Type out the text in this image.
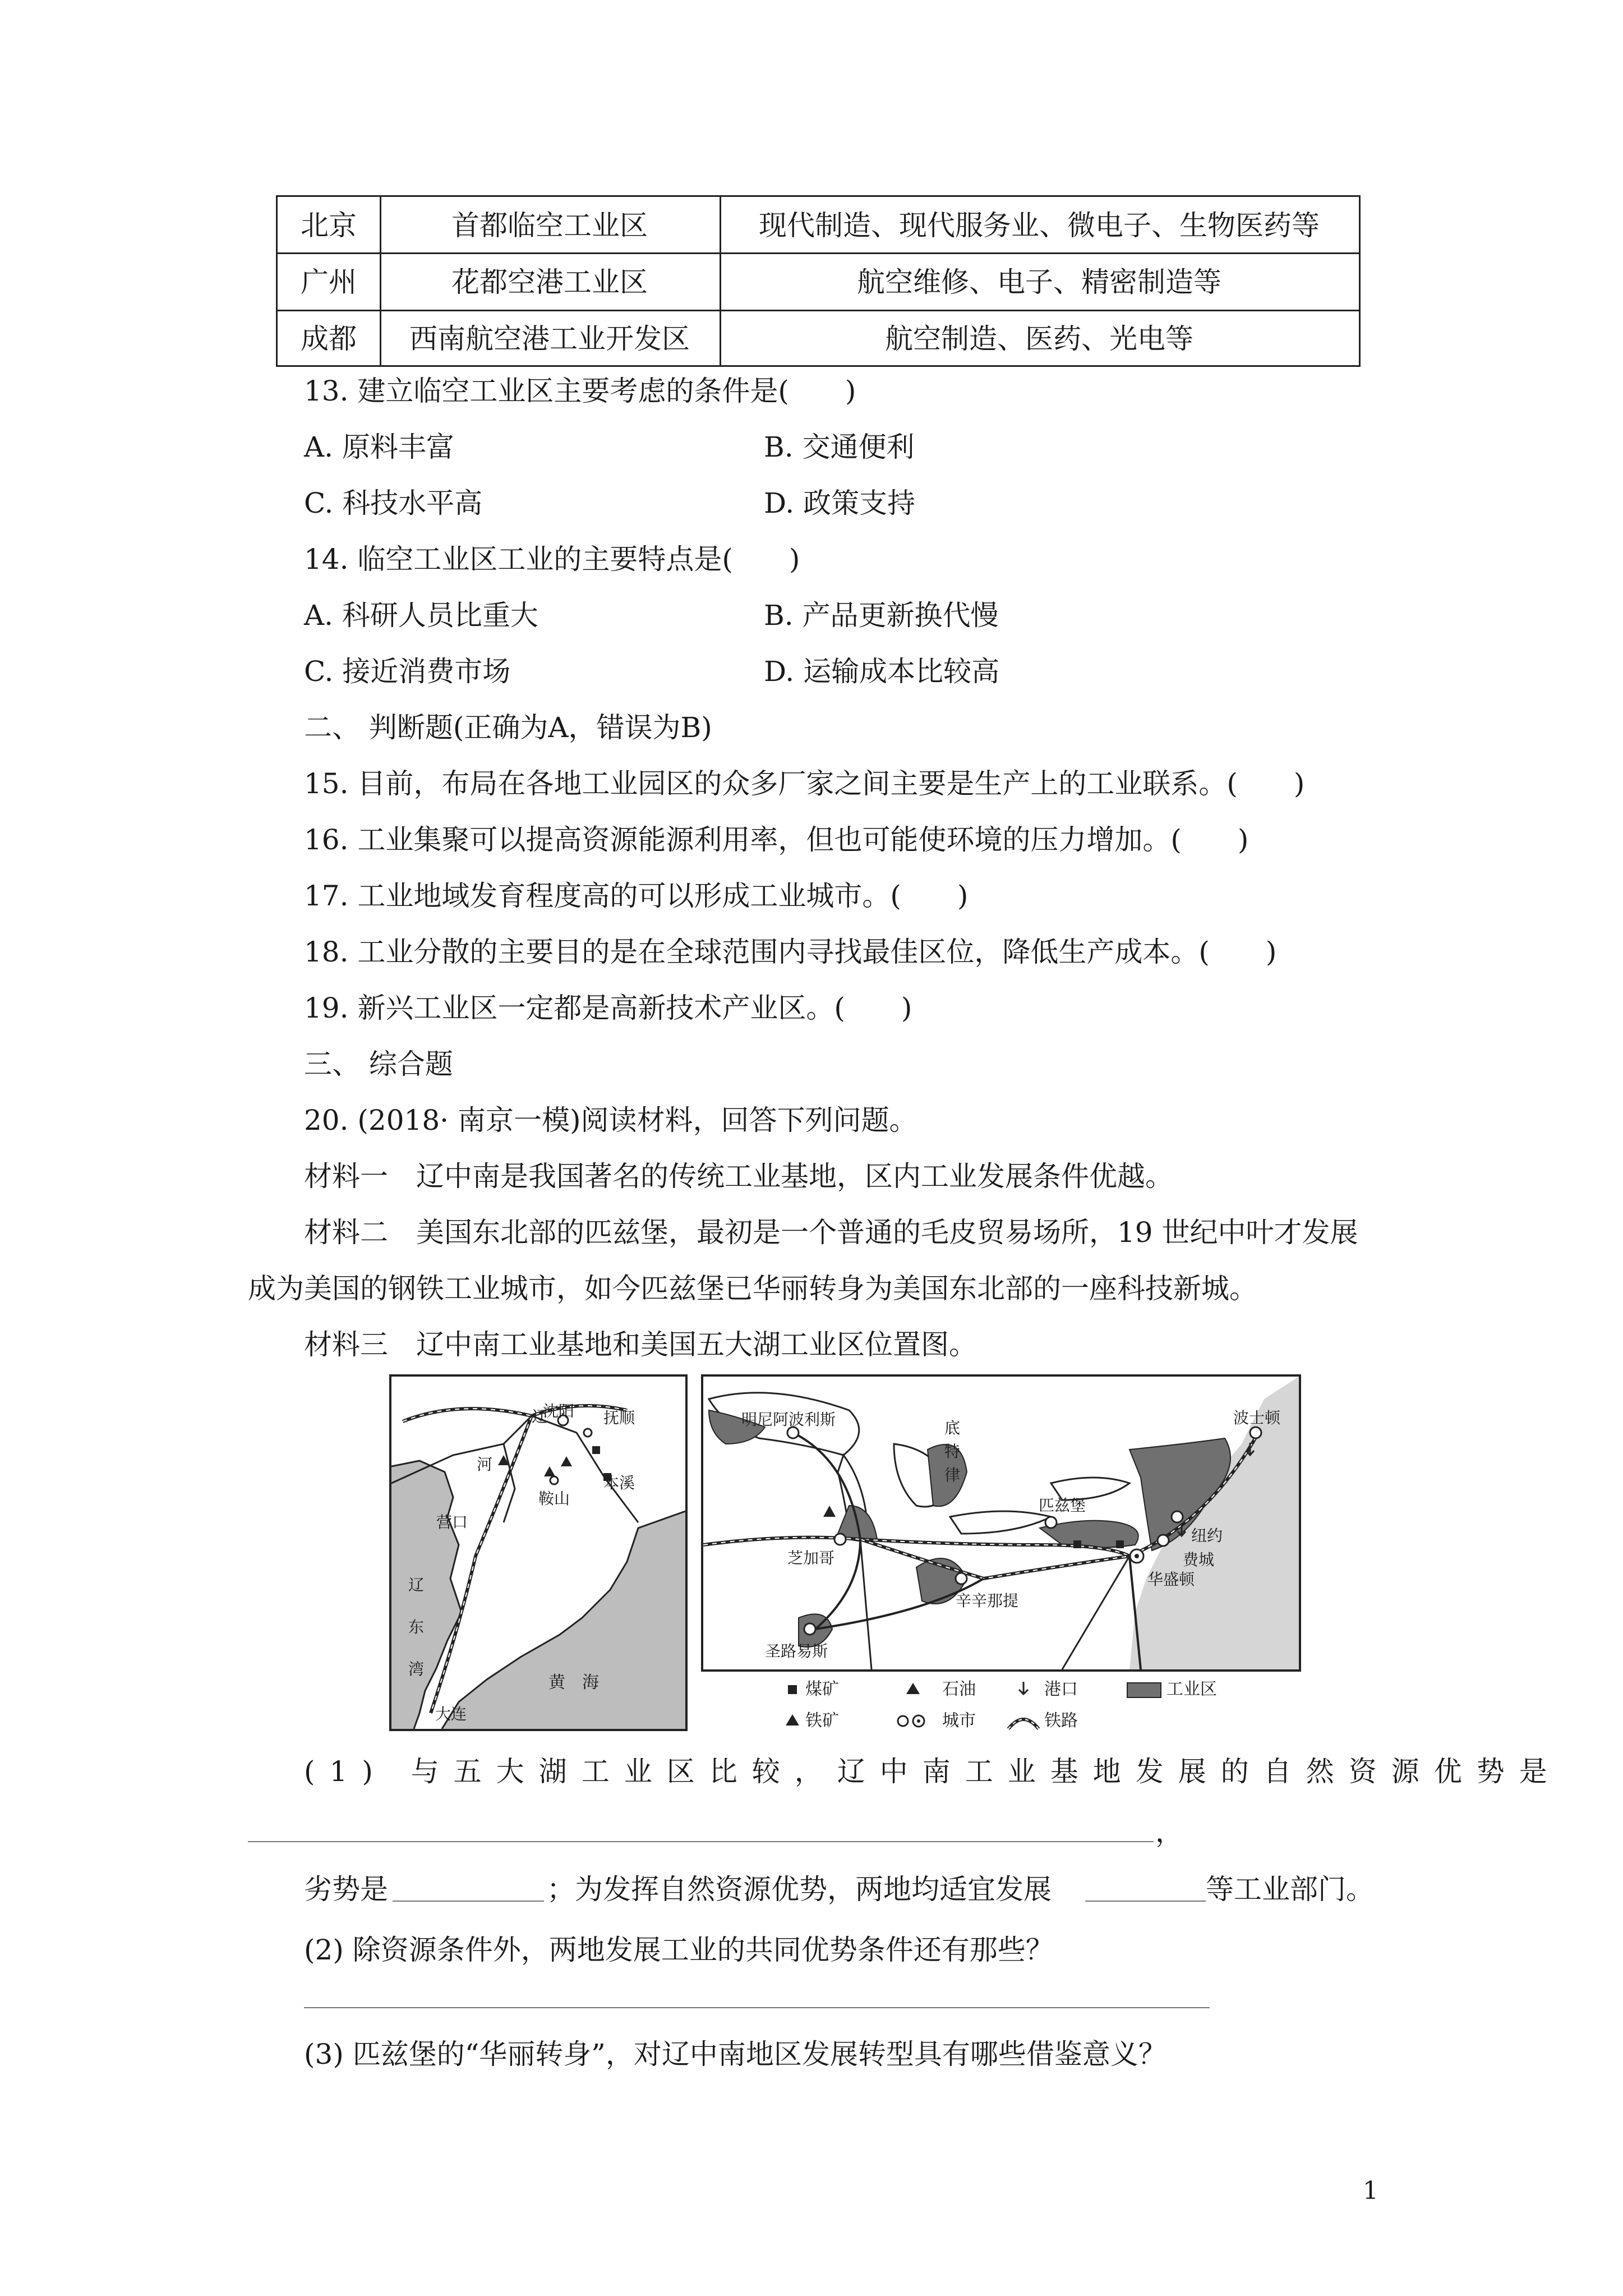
北京	首都临空工业区	现代制造、现代服务业、微电子、生物医药等
广州	花都空港工业区	航空维修、电子、精密制造等
成都	西南航空港工业开发区	航空制造、医药、光电等
13. 建立临空工业区主要考虑的条件是(　　)
A. 原料丰富	B. 交通便利
C. 科技水平高	D. 政策支持
14. 临空工业区工业的主要特点是(　　)
A. 科研人员比重大	B. 产品更新换代慢
C. 接近消费市场	D. 运输成本比较高
二、 判断题(正确为A，错误为B)
15. 目前，布局在各地工业园区的众多厂家之间主要是生产上的工业联系。(　　)
16. 工业集聚可以提高资源能源利用率，但也可能使环境的压力增加。(　　)
17. 工业地域发育程度高的可以形成工业城市。(　　)
18. 工业分散的主要目的是在全球范围内寻找最佳区位，降低生产成本。(　　)
19. 新兴工业区一定都是高新技术产业区。(　　)
三、 综合题
20. (2018· 南京一模)阅读材料，回答下列问题。
材料一　辽中南是我国著名的传统工业基地，区内工业发展条件优越。
材料二　美国东北部的匹兹堡，最初是一个普通的毛皮贸易场所，19 世纪中叶才发展
成为美国的钢铁工业城市，如今匹兹堡已华丽转身为美国东北部的一座科技新城。
材料三　辽中南工业基地和美国五大湖工业区位置图。
辽
河
沈阳 抚顺
本溪
鞍山
营口
辽
东
湾
大连
黄　海
明尼阿波利斯	底
特
律
匹兹堡
波士顿
纽约
费城
华盛顿
芝加哥
辛辛那提
圣路易斯
煤矿	石油	港口	工业区
铁矿	城市	铁路
(1) 与五大湖工业区比较，辽中南工业基地发展的自然资源优势是
，
劣势是	；为发挥自然资源优势，两地均适宜发展	等工业部门。
(2) 除资源条件外，两地发展工业的共同优势条件还有那些？
(3) 匹兹堡的“华丽转身”，对辽中南地区发展转型具有哪些借鉴意义？
1
